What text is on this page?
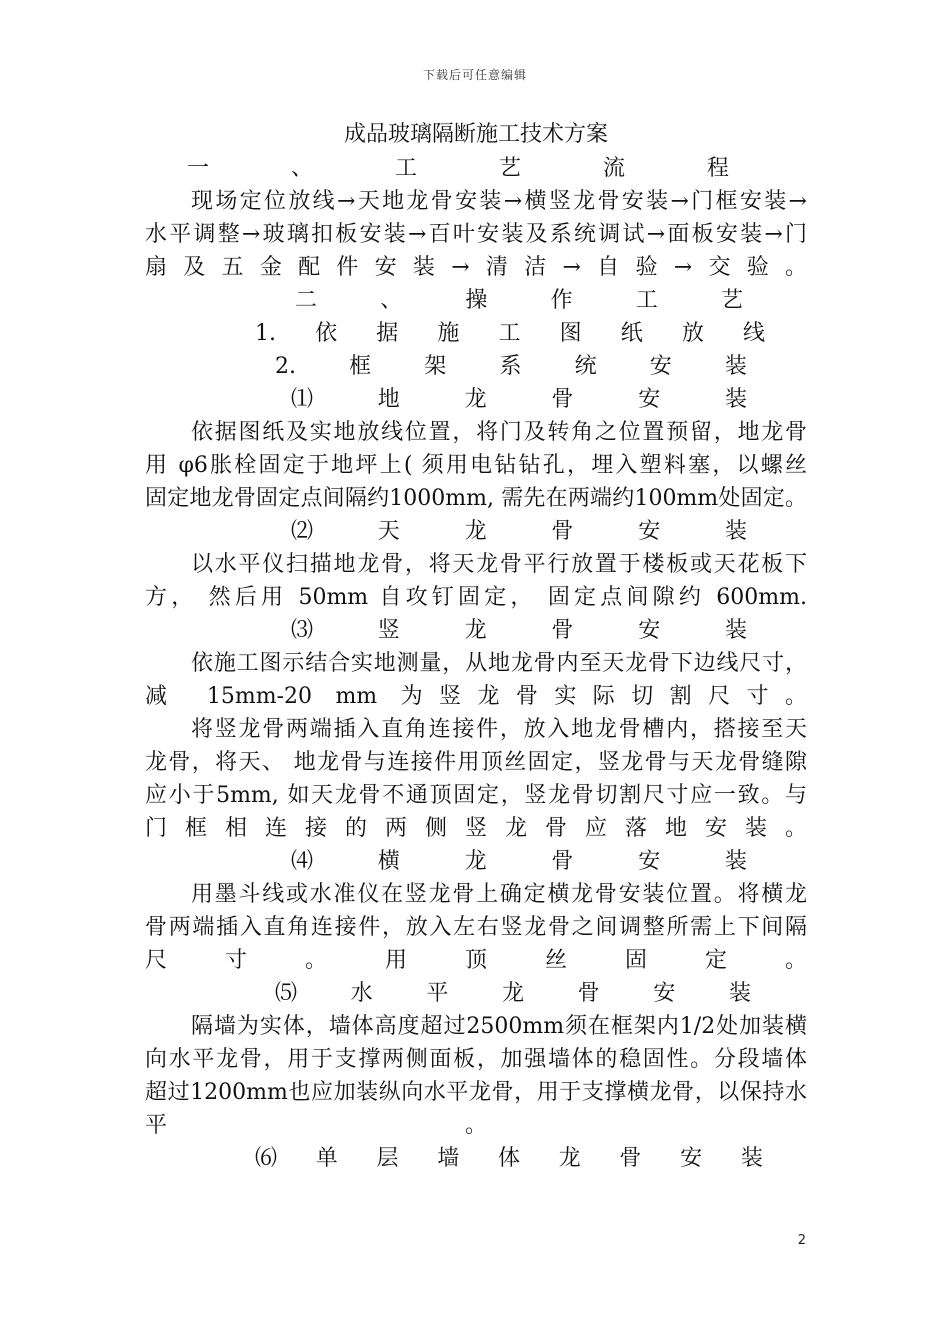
下载后可任意编辑
成品玻璃隔断施工技术方案
一	、	工	艺	流	程
现场定位放线→天地龙骨安装→横竖龙骨安装→门框安装→
水平调整→玻璃扣板安装→百叶安装及系统调试→面板安装→门
扇及五金配件安装→清洁→自验→交验。
二	、	操	作	工	艺
1. 依 据 施 工 图 纸 放 线
2. 框 架 系 统 安 装
⑴	地	龙	骨	安	装
依据图纸及实地放线位置，将门及转角之位置预留，地龙骨
用 φ6胀栓固定于地坪上( 须用电钻钻孔，埋入塑料塞，以螺丝
固定地龙骨固定点间隔约1000mm, 需先在两端约100mm处固定。
⑵	天	龙	骨	安	装
以水平仪扫描地龙骨，将天龙骨平行放置于楼板或天花板下
方， 然后用 50mm 自攻钉固定， 固定点间隙约 600mm.
⑶	竖	龙	骨	安	装
依施工图示结合实地测量，从地龙骨内至天龙骨下边线尺寸，
减 15mm-20 mm 为竖龙骨实际切割尺寸。
将竖龙骨两端插入直角连接件，放入地龙骨槽内，搭接至天
龙骨，将天、 地龙骨与连接件用顶丝固定，竖龙骨与天龙骨缝隙
应小于5mm, 如天龙骨不通顶固定，竖龙骨切割尺寸应一致。与
门框相连接的两侧竖龙骨应落地安装。
⑷	横	龙	骨	安	装
用墨斗线或水准仪在竖龙骨上确定横龙骨安装位置。将横龙
骨两端插入直角连接件，放入左右竖龙骨之间调整所需上下间隔
尺 寸 。 用 顶 丝 固 定 。
⑸ 水 平 龙 骨 安 装
隔墙为实体，墙体高度超过2500mm须在框架内1/2处加装横
向水平龙骨，用于支撑两侧面板，加强墙体的稳固性。分段墙体
超过1200mm也应加装纵向水平龙骨，用于支撑横龙骨，以保持水
平 。
⑹ 单 层 墙 体 龙 骨 安 装
2
